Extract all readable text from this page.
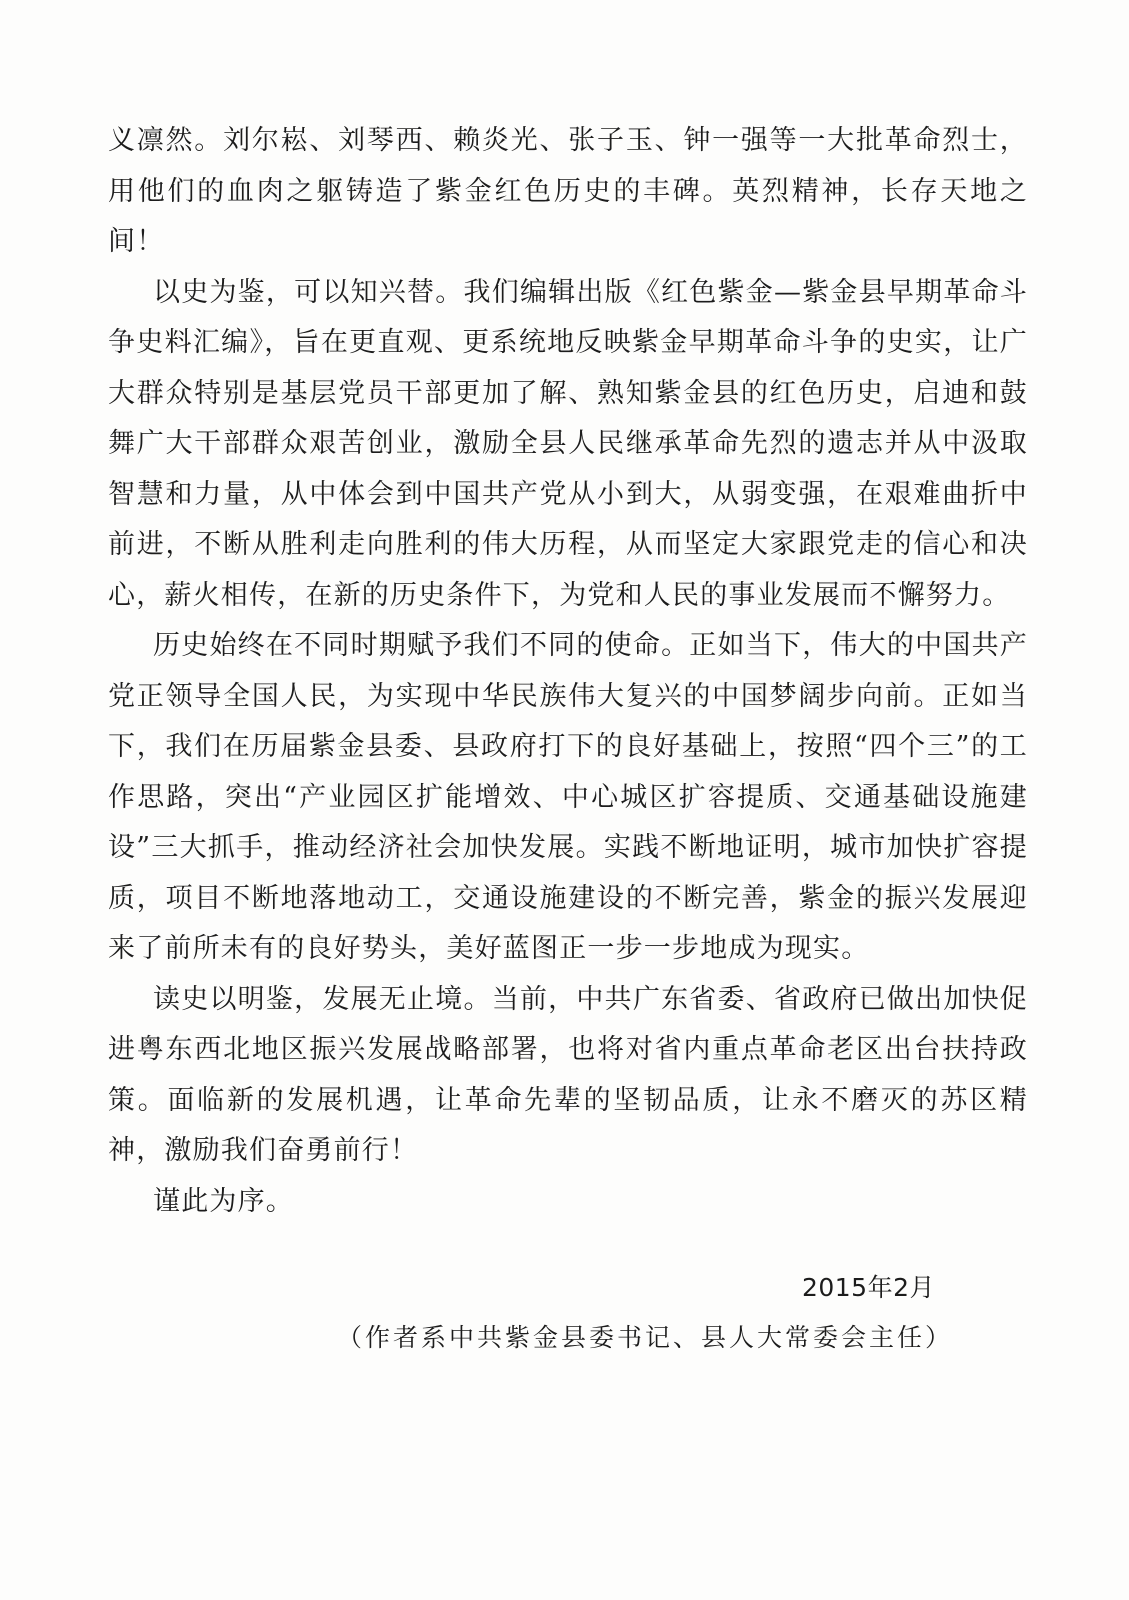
义凛然。刘尔崧、刘琴西、赖炎光、张子玉、钟一强等一大批革命烈士，用他们的血肉之躯铸造了紫金红色历史的丰碑。英烈精神，长存天地之间！

以史为鉴，可以知兴替。我们编辑出版《红色紫金—紫金县早期革命斗争史料汇编》，旨在更直观、更系统地反映紫金早期革命斗争的史实，让广大群众特别是基层党员干部更加了解、熟知紫金县的红色历史，启迪和鼓舞广大干部群众艰苦创业，激励全县人民继承革命先烈的遗志并从中汲取智慧和力量，从中体会到中国共产党从小到大，从弱变强，在艰难曲折中前进，不断从胜利走向胜利的伟大历程，从而坚定大家跟党走的信心和决心，薪火相传，在新的历史条件下，为党和人民的事业发展而不懈努力。

历史始终在不同时期赋予我们不同的使命。正如当下，伟大的中国共产党正领导全国人民，为实现中华民族伟大复兴的中国梦阔步向前。正如当下，我们在历届紫金县委、县政府打下的良好基础上，按照“四个三”的工作思路，突出“产业园区扩能增效、中心城区扩容提质、交通基础设施建设”三大抓手，推动经济社会加快发展。实践不断地证明，城市加快扩容提质，项目不断地落地动工，交通设施建设的不断完善，紫金的振兴发展迎来了前所未有的良好势头，美好蓝图正一步一步地成为现实。

读史以明鉴，发展无止境。当前，中共广东省委、省政府已做出加快促进粤东西北地区振兴发展战略部署，也将对省内重点革命老区出台扶持政策。面临新的发展机遇，让革命先辈的坚韧品质，让永不磨灭的苏区精神，激励我们奋勇前行！

谨此为序。

2015年2月
（作者系中共紫金县委书记、县人大常委会主任）
